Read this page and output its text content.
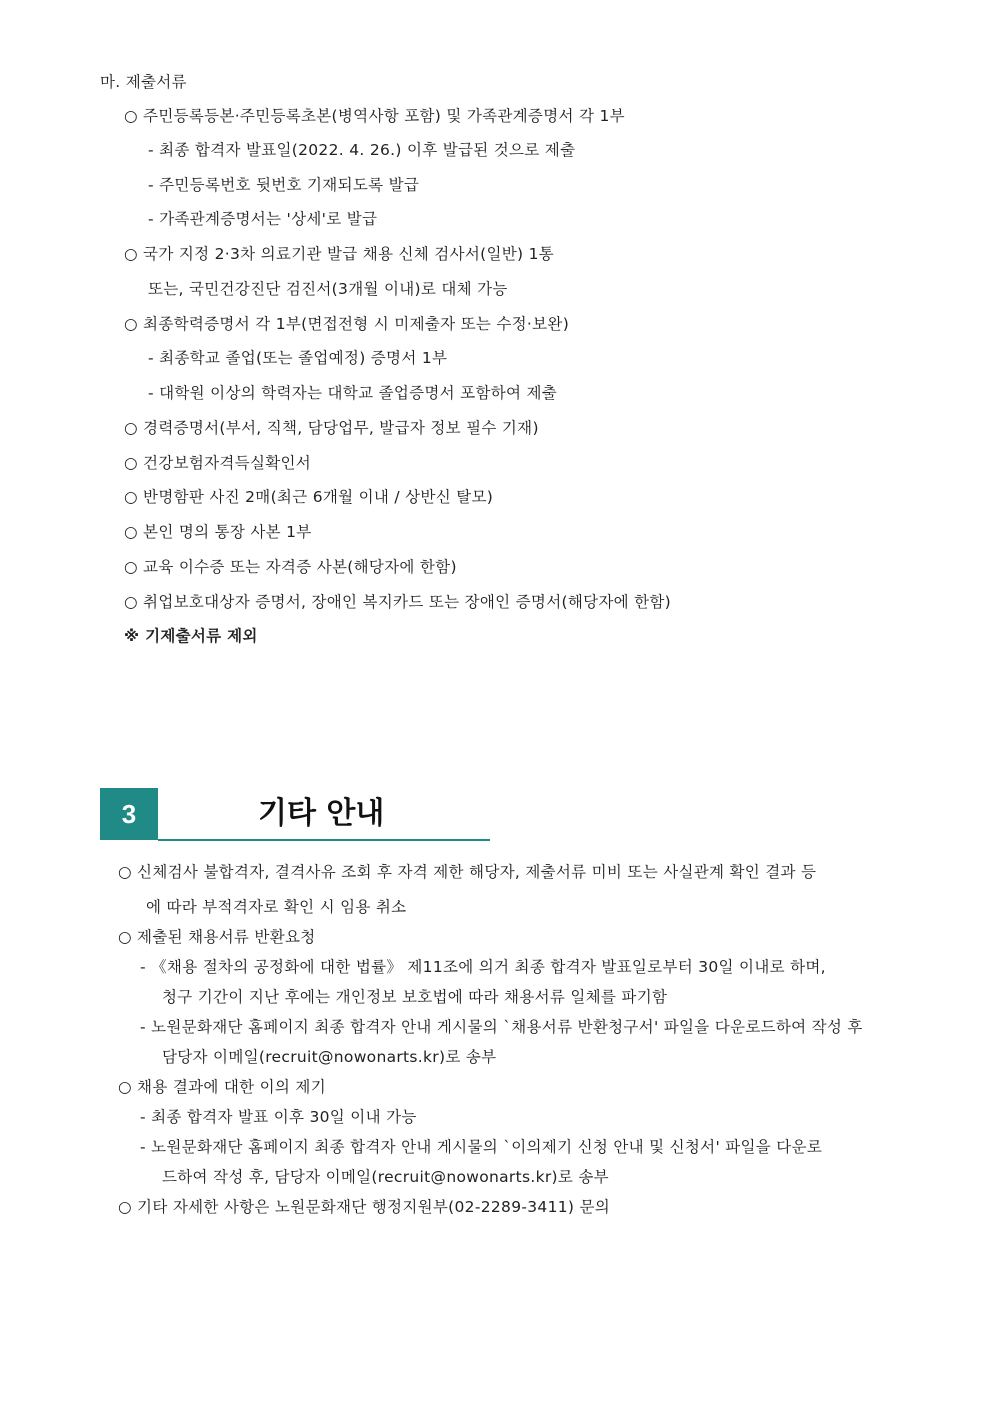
마. 제출서류
○ 주민등록등본·주민등록초본(병역사항 포함) 및 가족관계증명서 각 1부
- 최종 합격자 발표일(2022. 4. 26.) 이후 발급된 것으로 제출
- 주민등록번호 뒷번호 기재되도록 발급
- 가족관계증명서는 '상세'로 발급
○ 국가 지정 2·3차 의료기관 발급 채용 신체 검사서(일반) 1통
또는, 국민건강진단 검진서(3개월 이내)로 대체 가능
○ 최종학력증명서 각 1부(면접전형 시 미제출자 또는 수정·보완)
- 최종학교 졸업(또는 졸업예정) 증명서 1부
- 대학원 이상의 학력자는 대학교 졸업증명서 포함하여 제출
○ 경력증명서(부서, 직책, 담당업무, 발급자 정보 필수 기재)
○ 건강보험자격득실확인서
○ 반명함판 사진 2매(최근 6개월 이내 / 상반신 탈모)
○ 본인 명의 통장 사본 1부
○ 교육 이수증 또는 자격증 사본(해당자에 한함)
○ 취업보호대상자 증명서, 장애인 복지카드 또는 장애인 증명서(해당자에 한함)
※ 기제출서류 제외
3	기타 안내
○ 신체검사 불합격자, 결격사유 조회 후 자격 제한 해당자, 제출서류 미비 또는 사실관계 확인 결과 등
에 따라 부적격자로 확인 시 임용 취소
○ 제출된 채용서류 반환요청
- 《채용 절차의 공정화에 대한 법률》 제11조에 의거 최종 합격자 발표일로부터 30일 이내로 하며,
청구 기간이 지난 후에는 개인정보 보호법에 따라 채용서류 일체를 파기함
- 노원문화재단 홈페이지 최종 합격자 안내 게시물의 `채용서류 반환청구서' 파일을 다운로드하여 작성 후
담당자 이메일(recruit@nowonarts.kr)로 송부
○ 채용 결과에 대한 이의 제기
- 최종 합격자 발표 이후 30일 이내 가능
- 노원문화재단 홈페이지 최종 합격자 안내 게시물의 `이의제기 신청 안내 및 신청서' 파일을 다운로
드하여 작성 후, 담당자 이메일(recruit@nowonarts.kr)로 송부
○ 기타 자세한 사항은 노원문화재단 행정지원부(02-2289-3411) 문의
